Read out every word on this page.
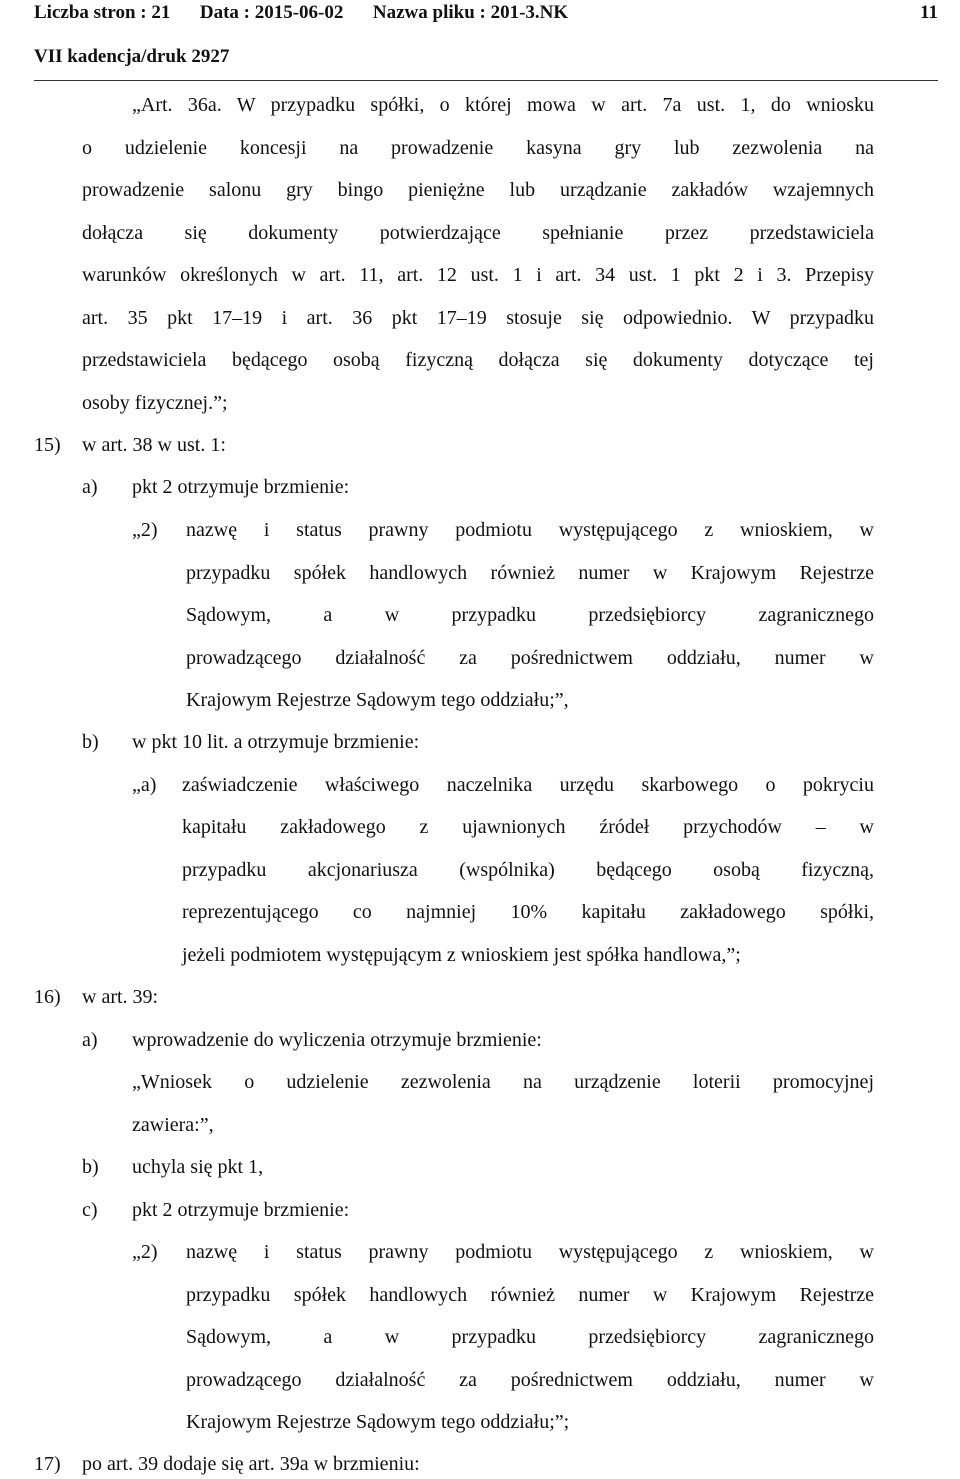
Liczba stron : 21 Data : 2015-06-02 Nazwa pliku : 201-3.NK
VII kadencja/druk 2927
11
„Art. 36a. W przypadku spółki, o której mowa w art. 7a ust. 1, do wniosku
o udzielenie koncesji na prowadzenie kasyna gry lub zezwolenia na
prowadzenie salonu gry bingo pieniężne lub urządzanie zakładów wzajemnych
dołącza się dokumenty potwierdzające spełnianie przez przedstawiciela
warunków określonych w art. 11, art. 12 ust. 1 i art. 34 ust. 1 pkt 2 i 3. Przepisy
art. 35 pkt 17–19 i art. 36 pkt 17–19 stosuje się odpowiednio. W przypadku
przedstawiciela będącego osobą fizyczną dołącza się dokumenty dotyczące tej
osoby fizycznej.”;
15) w art. 38 w ust. 1:
a) pkt 2 otrzymuje brzmienie:
„2) nazwę i status prawny podmiotu występującego z wnioskiem, w
przypadku spółek handlowych również numer w Krajowym Rejestrze
Sądowym, a w przypadku przedsiębiorcy zagranicznego
prowadzącego działalność za pośrednictwem oddziału, numer w
Krajowym Rejestrze Sądowym tego oddziału;”,
b) w pkt 10 lit. a otrzymuje brzmienie:
„a) zaświadczenie właściwego naczelnika urzędu skarbowego o pokryciu
kapitału zakładowego z ujawnionych źródeł przychodów – w
przypadku akcjonariusza (wspólnika) będącego osobą fizyczną,
reprezentującego co najmniej 10% kapitału zakładowego spółki,
jeżeli podmiotem występującym z wnioskiem jest spółka handlowa,”;
16) w art. 39:
a) wprowadzenie do wyliczenia otrzymuje brzmienie:
„Wniosek o udzielenie zezwolenia na urządzenie loterii promocyjnej
zawiera:”,
b) uchyla się pkt 1,
c) pkt 2 otrzymuje brzmienie:
„2) nazwę i status prawny podmiotu występującego z wnioskiem, w
przypadku spółek handlowych również numer w Krajowym Rejestrze
Sądowym, a w przypadku przedsiębiorcy zagranicznego
prowadzącego działalność za pośrednictwem oddziału, numer w
Krajowym Rejestrze Sądowym tego oddziału;”;
17) po art. 39 dodaje się art. 39a w brzmieniu:
